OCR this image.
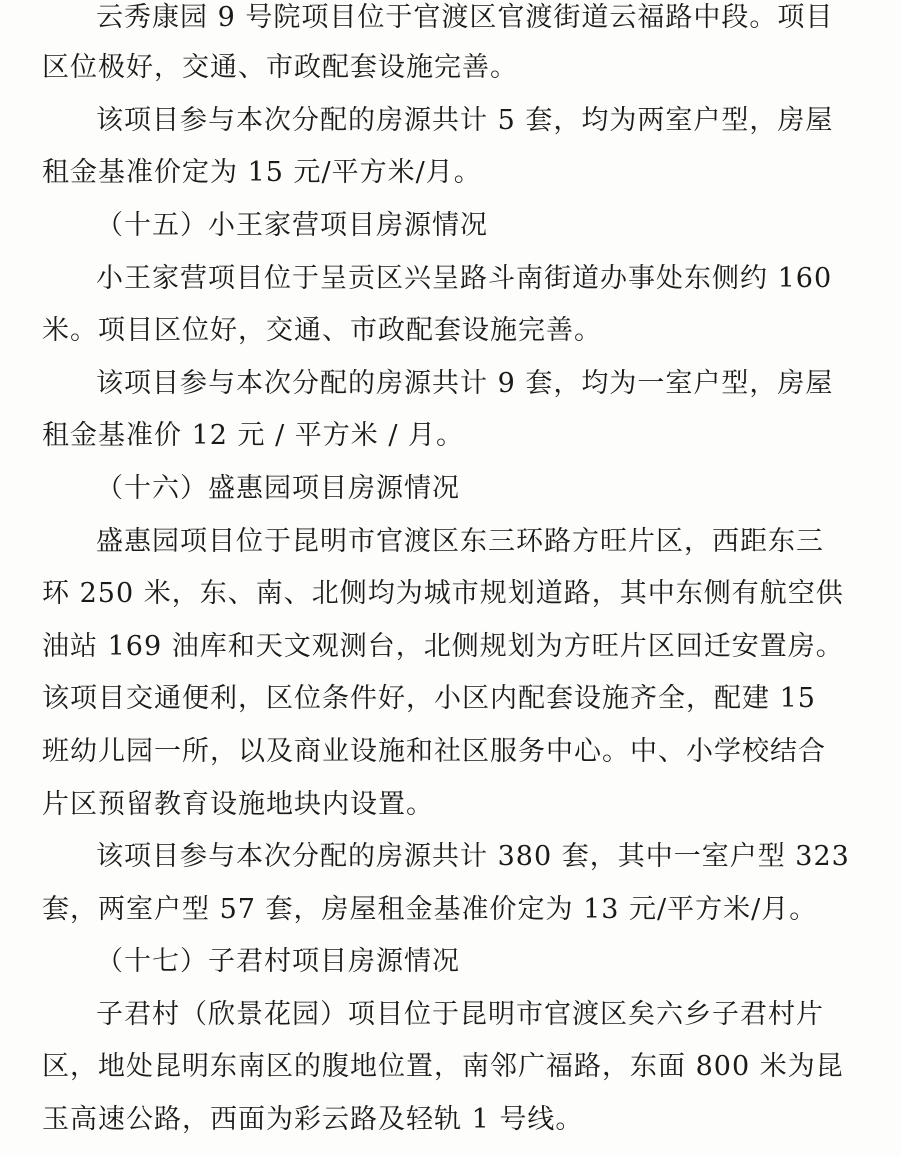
云秀康园 9 号院项目位于官渡区官渡街道云福路中段。项目
区位极好，交通、市政配套设施完善。
该项目参与本次分配的房源共计 5 套，均为两室户型，房屋
租金基准价定为 15 元/平方米/月。
（十五）小王家营项目房源情况
小王家营项目位于呈贡区兴呈路斗南街道办事处东侧约 160
米。项目区位好，交通、市政配套设施完善。
该项目参与本次分配的房源共计 9 套，均为一室户型，房屋
租金基准价 12 元 / 平方米 / 月。
（十六）盛惠园项目房源情况
盛惠园项目位于昆明市官渡区东三环路方旺片区，西距东三
环 250 米，东、南、北侧均为城市规划道路，其中东侧有航空供
油站 169 油库和天文观测台，北侧规划为方旺片区回迁安置房。
该项目交通便利，区位条件好，小区内配套设施齐全，配建 15
班幼儿园一所，以及商业设施和社区服务中心。中、小学校结合
片区预留教育设施地块内设置。
该项目参与本次分配的房源共计 380 套，其中一室户型 323
套，两室户型 57 套，房屋租金基准价定为 13 元/平方米/月。
（十七）子君村项目房源情况
子君村（欣景花园）项目位于昆明市官渡区矣六乡子君村片
区，地处昆明东南区的腹地位置，南邻广福路，东面 800 米为昆
玉高速公路，西面为彩云路及轻轨 1 号线。
